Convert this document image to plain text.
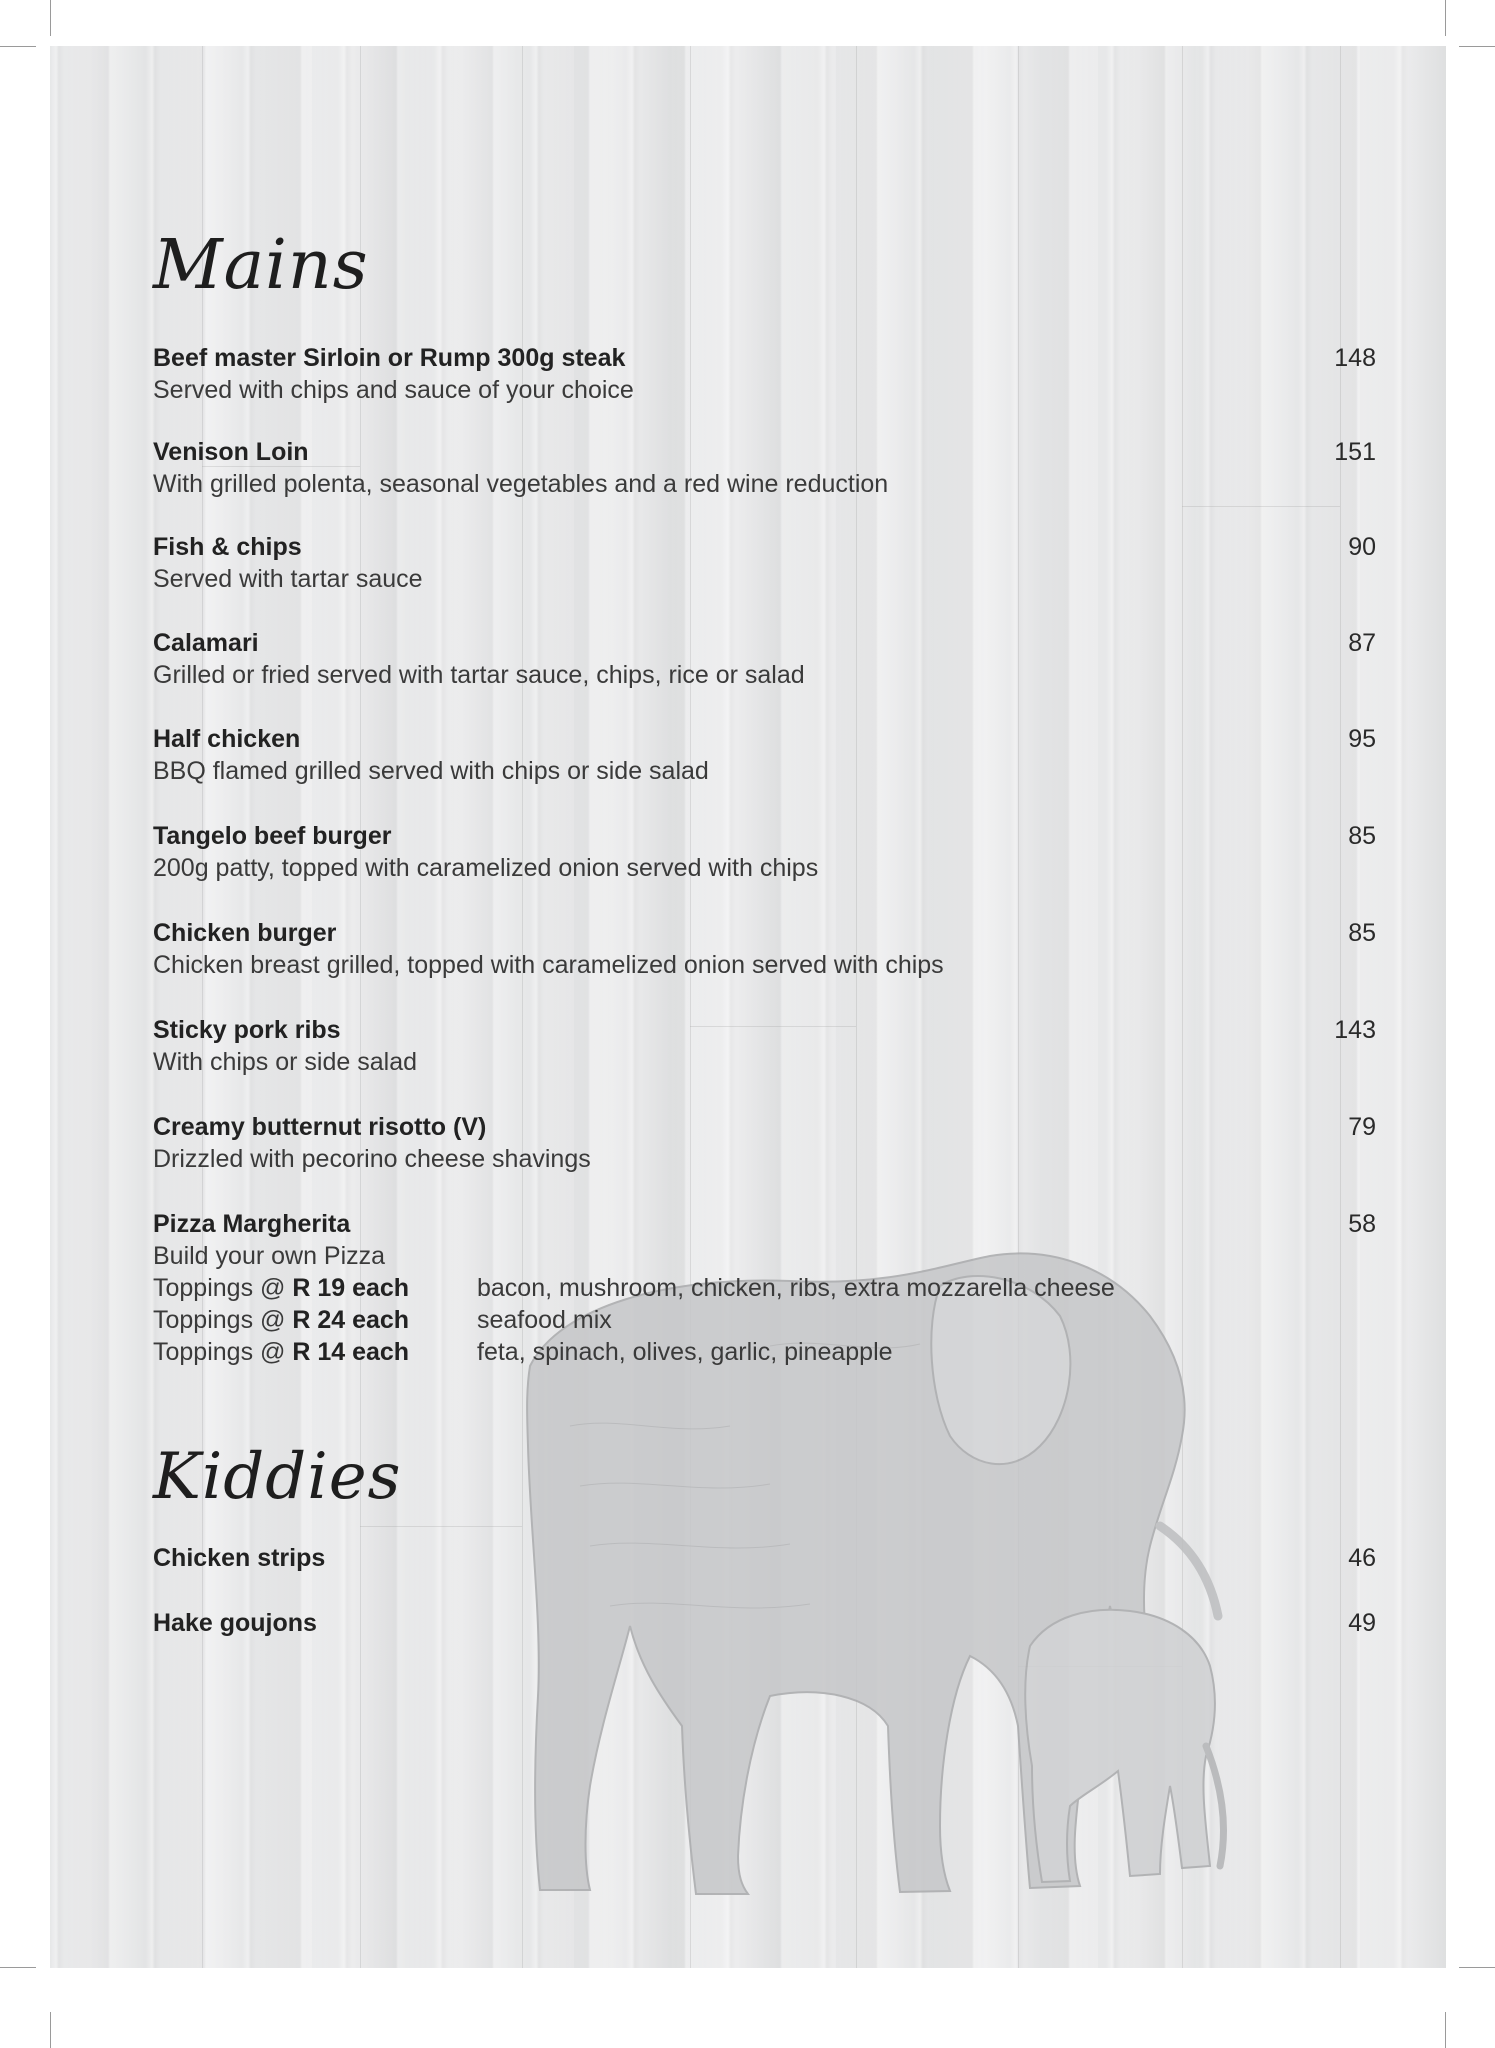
Mains
Beef master Sirloin or Rump 300g steak	148
Served with chips and sauce of your choice
Venison Loin	151
With grilled polenta, seasonal vegetables and a red wine reduction
Fish & chips	90
Served with tartar sauce
Calamari	87
Grilled or fried served with tartar sauce, chips, rice or salad
Half chicken	95
BBQ flamed grilled served with chips or side salad
Tangelo beef burger	85
200g patty, topped with caramelized onion served with chips
Chicken burger	85
Chicken breast grilled, topped with caramelized onion served with chips
Sticky pork ribs	143
With chips or side salad
Creamy butternut risotto (V)	79
Drizzled with pecorino cheese shavings
Pizza Margherita	58
Build your own Pizza
Toppings @ R 19 each	bacon, mushroom, chicken, ribs, extra mozzarella cheese
Toppings @ R 24 each	seafood mix
Toppings @ R 14 each	feta, spinach, olives, garlic, pineapple
Kiddies
Chicken strips	46
Hake goujons	49
